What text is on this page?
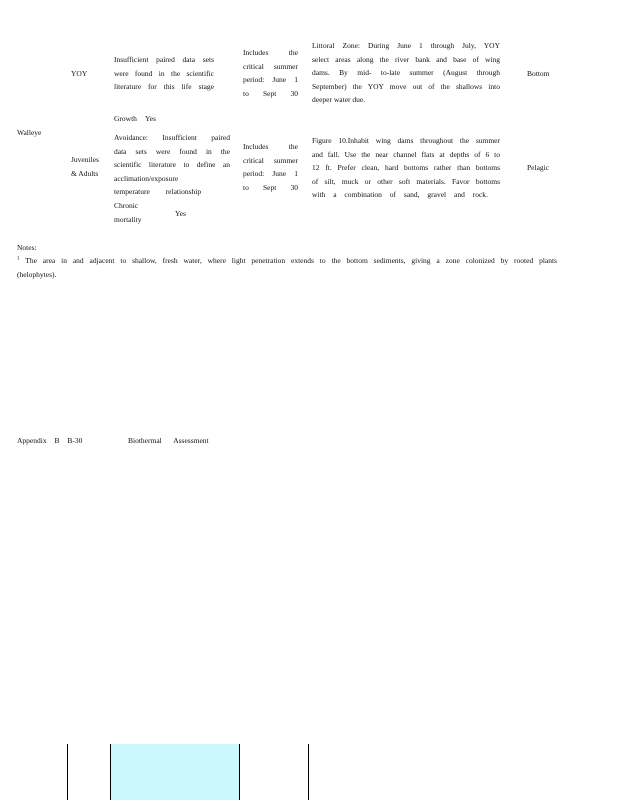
Walleye
YOY
Insufficient paired data sets
were found in the scientific
literature for this life stage
Includes the
critical summer
period: June 1
to Sept 30
Littoral Zone: During June 1 through July, YOY
select areas along the river bank and base of wing
dams. By mid- to-late summer (August through
September) the YOY move out of the shallows into
deeper water due.
Bottom
Growth	Yes
Juveniles
& Adults
Avoidance: Insufficient paired
data sets were found in the
scientific literature to define an
acclimation/exposure
temperature relationship
Chronic
mortality
Yes
Includes the
critical summer
period: June 1
to Sept 30
Figure 10.Inhabit wing dams throughout the summer
and fall. Use the near channel flats at depths of 6 to
12 ft. Prefer clean, hard bottoms rather than bottoms
of silt, muck or other soft materials. Favor bottoms
with a combination of sand, gravel and rock.
Pelagic
Notes:
$^1$ The area in and adjacent to shallow, fresh water, where light penetration extends to the bottom sediments, giving a zone colonized by rooted plants
(helophytes).
Appendix B B-30	Biothermal Assessment
